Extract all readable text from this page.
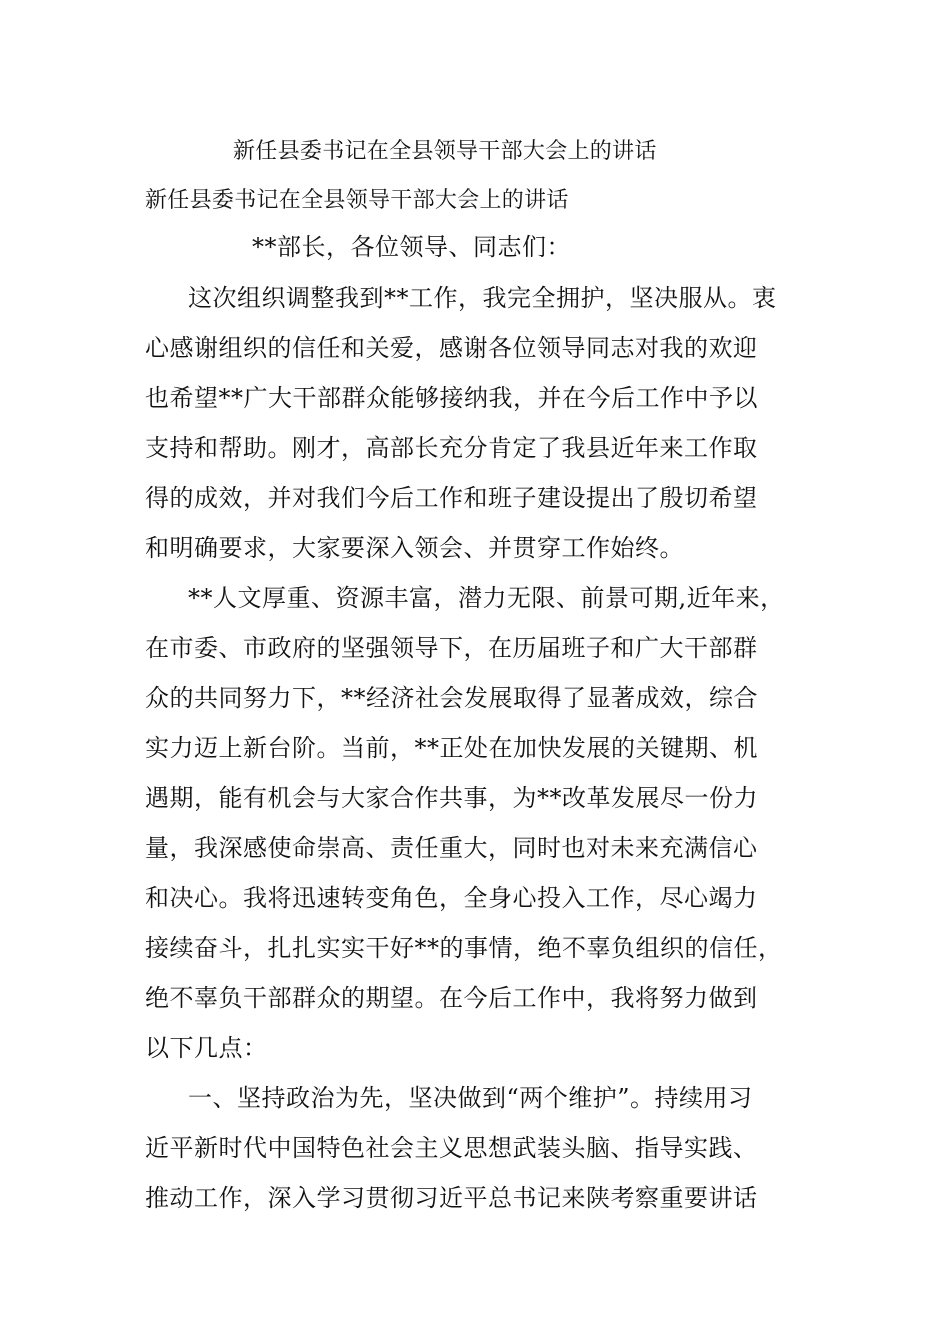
新任县委书记在全县领导干部大会上的讲话
新任县委书记在全县领导干部大会上的讲话
**部长，各位领导、同志们：
这次组织调整我到**工作，我完全拥护，坚决服从。衷
心感谢组织的信任和关爱，感谢各位领导同志对我的欢迎
也希望**广大干部群众能够接纳我，并在今后工作中予以
支持和帮助。刚才，高部长充分肯定了我县近年来工作取
得的成效，并对我们今后工作和班子建设提出了殷切希望
和明确要求，大家要深入领会、并贯穿工作始终。
**人文厚重、资源丰富，潜力无限、前景可期,近年来，
在市委、市政府的坚强领导下，在历届班子和广大干部群
众的共同努力下，**经济社会发展取得了显著成效，综合
实力迈上新台阶。当前，**正处在加快发展的关键期、机
遇期，能有机会与大家合作共事，为**改革发展尽一份力
量，我深感使命崇高、责任重大，同时也对未来充满信心
和决心。我将迅速转变角色，全身心投入工作，尽心竭力
接续奋斗，扎扎实实干好**的事情，绝不辜负组织的信任，
绝不辜负干部群众的期望。在今后工作中，我将努力做到
以下几点：
一、坚持政治为先，坚决做到“两个维护”。持续用习
近平新时代中国特色社会主义思想武装头脑、指导实践、
推动工作，深入学习贯彻习近平总书记来陕考察重要讲话
